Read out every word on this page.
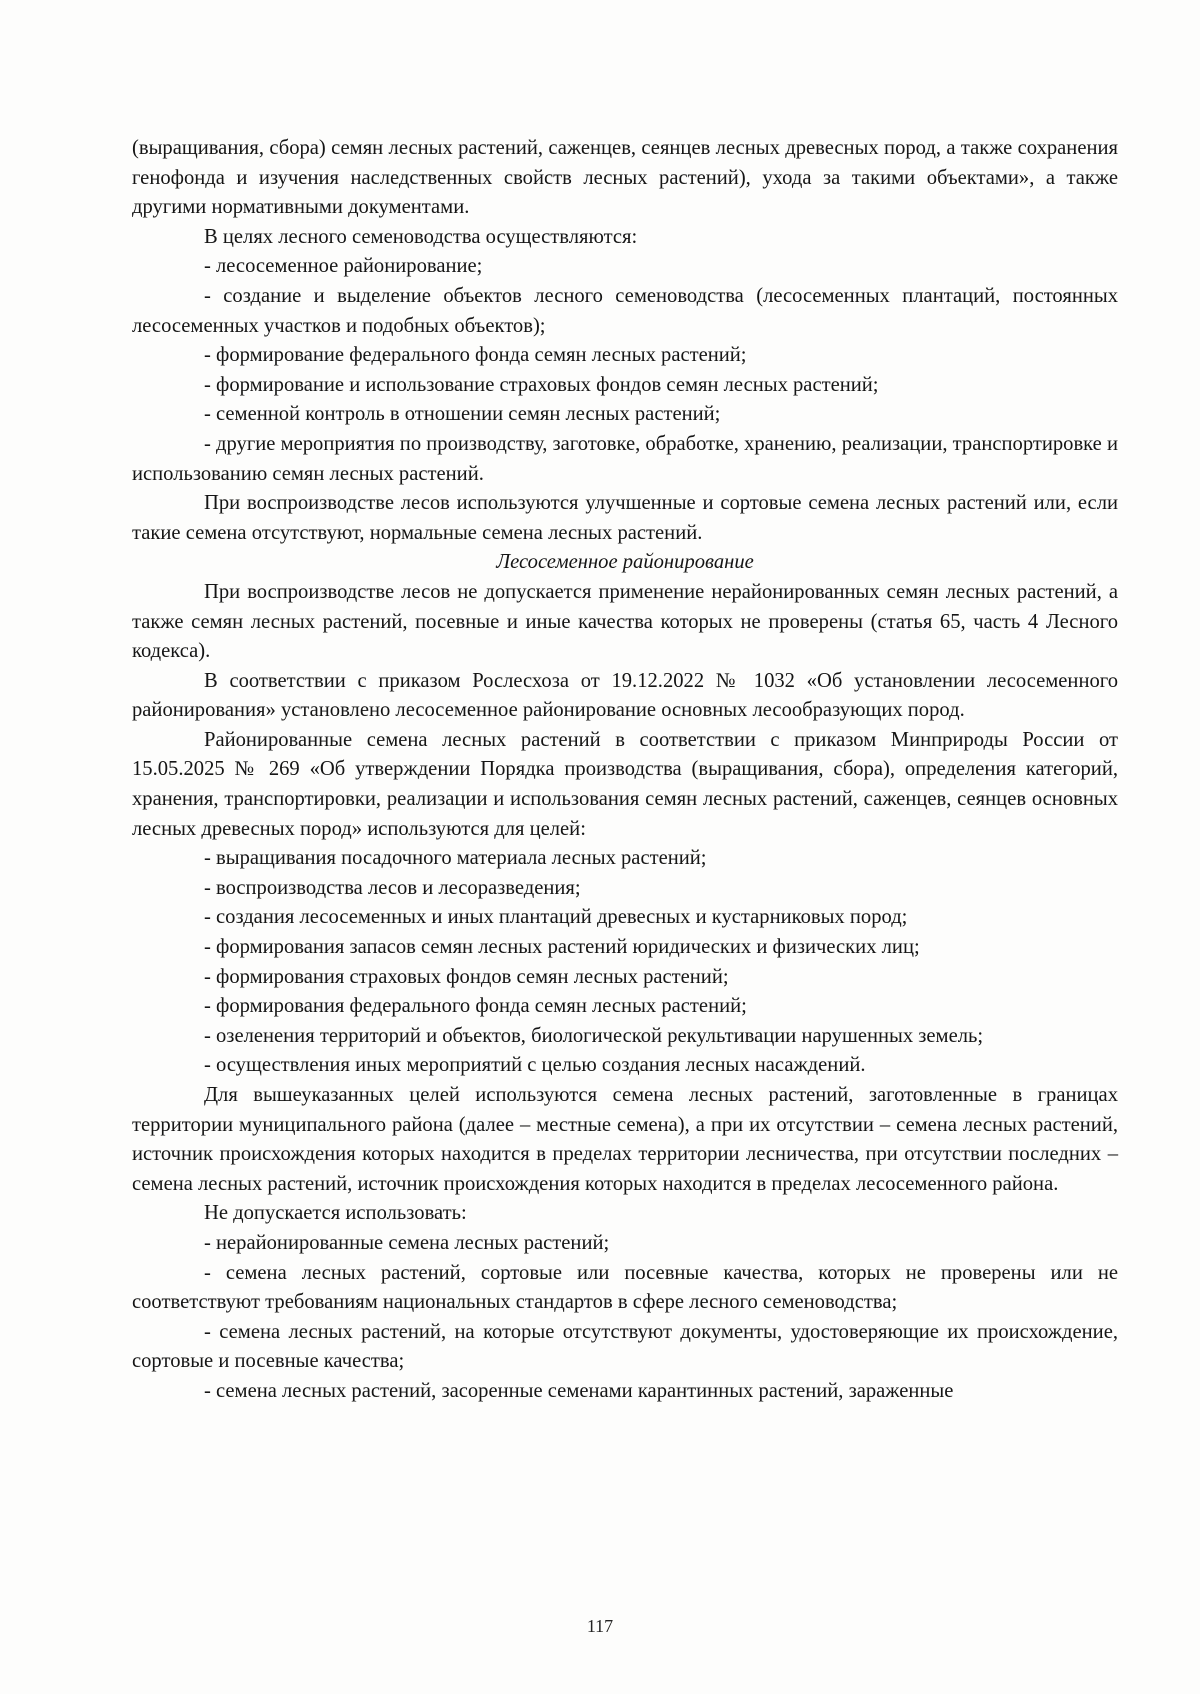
(выращивания, сбора) семян лесных растений, саженцев, сеянцев лесных древесных пород, а также сохранения генофонда и изучения наследственных свойств лесных растений), ухода за такими объектами», а также другими нормативными документами.

В целях лесного семеноводства осуществляются:

- лесосеменное районирование;

- создание и выделение объектов лесного семеноводства (лесосеменных плантаций, постоянных лесосеменных участков и подобных объектов);

- формирование федерального фонда семян лесных растений;

- формирование и использование страховых фондов семян лесных растений;

- семенной контроль в отношении семян лесных растений;

- другие мероприятия по производству, заготовке, обработке, хранению, реализации, транспортировке и использованию семян лесных растений.

При воспроизводстве лесов используются улучшенные и сортовые семена лесных растений или, если такие семена отсутствуют, нормальные семена лесных растений.

Лесосеменное районирование

При воспроизводстве лесов не допускается применение нерайонированных семян лесных растений, а также семян лесных растений, посевные и иные качества которых не проверены (статья 65, часть 4 Лесного кодекса).

В соответствии с приказом Рослесхоза от 19.12.2022 № 1032 «Об установлении лесосеменного районирования» установлено лесосеменное районирование основных лесообразующих пород.

Районированные семена лесных растений в соответствии с приказом Минприроды России от 15.05.2025 № 269 «Об утверждении Порядка производства (выращивания, сбора), определения категорий, хранения, транспортировки, реализации и использования семян лесных растений, саженцев, сеянцев основных лесных древесных пород» используются для целей:

- выращивания посадочного материала лесных растений;

- воспроизводства лесов и лесоразведения;

- создания лесосеменных и иных плантаций древесных и кустарниковых пород;

- формирования запасов семян лесных растений юридических и физических лиц;

- формирования страховых фондов семян лесных растений;

- формирования федерального фонда семян лесных растений;

- озеленения территорий и объектов, биологической рекультивации нарушенных земель;

- осуществления иных мероприятий с целью создания лесных насаждений.

Для вышеуказанных целей используются семена лесных растений, заготовленные в границах территории муниципального района (далее – местные семена), а при их отсутствии – семена лесных растений, источник происхождения которых находится в пределах территории лесничества, при отсутствии последних – семена лесных растений, источник происхождения которых находится в пределах лесосеменного района.

Не допускается использовать:

- нерайонированные семена лесных растений;

- семена лесных растений, сортовые или посевные качества, которых не проверены или не соответствуют требованиям национальных стандартов в сфере лесного семеноводства;

- семена лесных растений, на которые отсутствуют документы, удостоверяющие их происхождение, сортовые и посевные качества;

- семена лесных растений, засоренные семенами карантинных растений, зараженные

117
